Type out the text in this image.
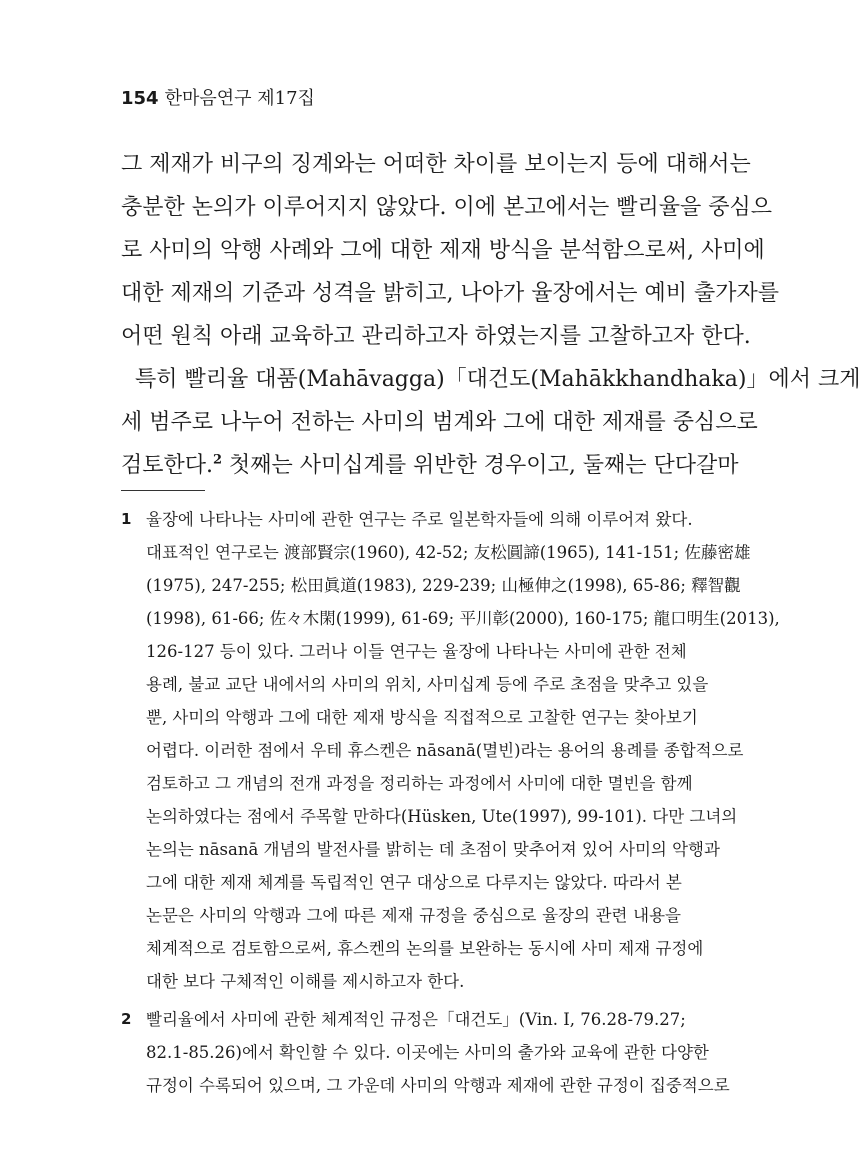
154 한마음연구 제17집
그 제재가 비구의 징계와는 어떠한 차이를 보이는지 등에 대해서는
충분한 논의가 이루어지지 않았다. 이에 본고에서는 빨리율을 중심으
로 사미의 악행 사례와 그에 대한 제재 방식을 분석함으로써, 사미에
대한 제재의 기준과 성격을 밝히고, 나아가 율장에서는 예비 출가자를
어떤 원칙 아래 교육하고 관리하고자 하였는지를 고찰하고자 한다.
특히 빨리율 대품(Mahāvagga)「대건도(Mahākkhandhaka)」에서 크게
세 범주로 나누어 전하는 사미의 범계와 그에 대한 제재를 중심으로
검토한다.$^2$ 첫째는 사미십계를 위반한 경우이고, 둘째는 단다갈마
1 율장에 나타나는 사미에 관한 연구는 주로 일본학자들에 의해 이루어져 왔다.
대표적인 연구로는 渡部賢宗(1960), 42-52; 友松圓諦(1965), 141-151; 佐藤密雄
(1975), 247-255; 松田眞道(1983), 229-239; 山極伸之(1998), 65-86; 釋智觀
(1998), 61-66; 佐々木閑(1999), 61-69; 平川彰(2000), 160-175; 龍口明生(2013),
126-127 등이 있다. 그러나 이들 연구는 율장에 나타나는 사미에 관한 전체
용례, 불교 교단 내에서의 사미의 위치, 사미십계 등에 주로 초점을 맞추고 있을
뿐, 사미의 악행과 그에 대한 제재 방식을 직접적으로 고찰한 연구는 찾아보기
어렵다. 이러한 점에서 우테 휴스켄은 nāsanā(멸빈)라는 용어의 용례를 종합적으로
검토하고 그 개념의 전개 과정을 정리하는 과정에서 사미에 대한 멸빈을 함께
논의하였다는 점에서 주목할 만하다(Hüsken, Ute(1997), 99-101). 다만 그녀의
논의는 nāsanā 개념의 발전사를 밝히는 데 초점이 맞추어져 있어 사미의 악행과
그에 대한 제재 체계를 독립적인 연구 대상으로 다루지는 않았다. 따라서 본
논문은 사미의 악행과 그에 따른 제재 규정을 중심으로 율장의 관련 내용을
체계적으로 검토함으로써, 휴스켄의 논의를 보완하는 동시에 사미 제재 규정에
대한 보다 구체적인 이해를 제시하고자 한다.
2 빨리율에서 사미에 관한 체계적인 규정은「대건도」(Vin. Ⅰ, 76.28-79.27;
82.1-85.26)에서 확인할 수 있다. 이곳에는 사미의 출가와 교육에 관한 다양한
규정이 수록되어 있으며, 그 가운데 사미의 악행과 제재에 관한 규정이 집중적으로
